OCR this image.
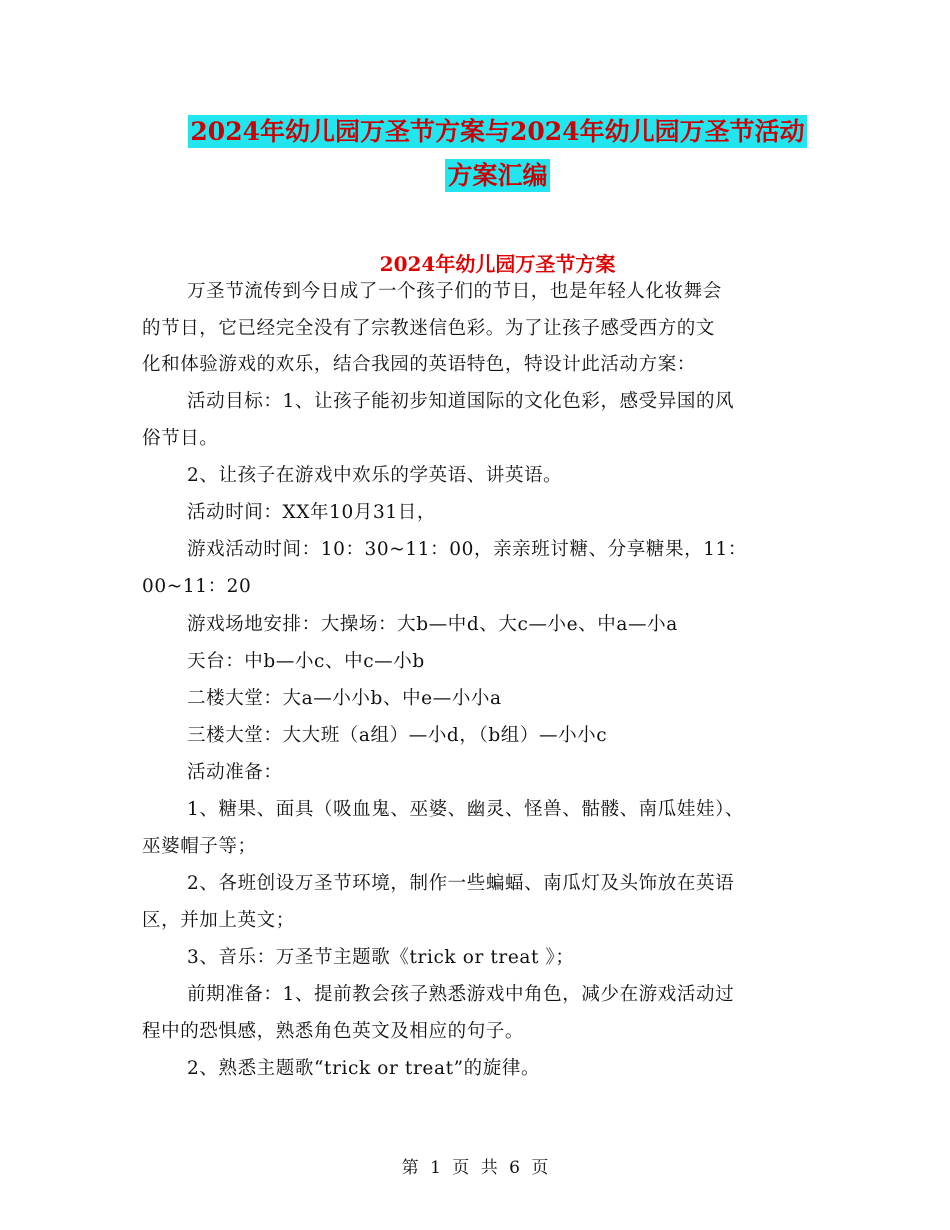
2024年幼儿园万圣节方案与2024年幼儿园万圣节活动
方案汇编
2024年幼儿园万圣节方案
万圣节流传到今日成了一个孩子们的节日，也是年轻人化妆舞会
的节日，它已经完全没有了宗教迷信色彩。为了让孩子感受西方的文
化和体验游戏的欢乐，结合我园的英语特色，特设计此活动方案：
活动目标：1、让孩子能初步知道国际的文化色彩，感受异国的风
俗节日。
2、让孩子在游戏中欢乐的学英语、讲英语。
活动时间：XX年10月31日，
游戏活动时间：10：30~11：00，亲亲班讨糖、分享糖果，11：
00~11：20
游戏场地安排：大操场：大b—中d、大c—小e、中a—小a
天台：中b—小c、中c—小b
二楼大堂：大a—小小b、中e—小小a
三楼大堂：大大班（a组）—小d，（b组）—小小c
活动准备：
1、糖果、面具（吸血鬼、巫婆、幽灵、怪兽、骷髅、南瓜娃娃）、
巫婆帽子等；
2、各班创设万圣节环境，制作一些蝙蝠、南瓜灯及头饰放在英语
区，并加上英文；
3、音乐：万圣节主题歌《trick or treat 》；
前期准备：1、提前教会孩子熟悉游戏中角色，减少在游戏活动过
程中的恐惧感，熟悉角色英文及相应的句子。
2、熟悉主题歌“trick or treat”的旋律。
第 1 页 共 6 页
